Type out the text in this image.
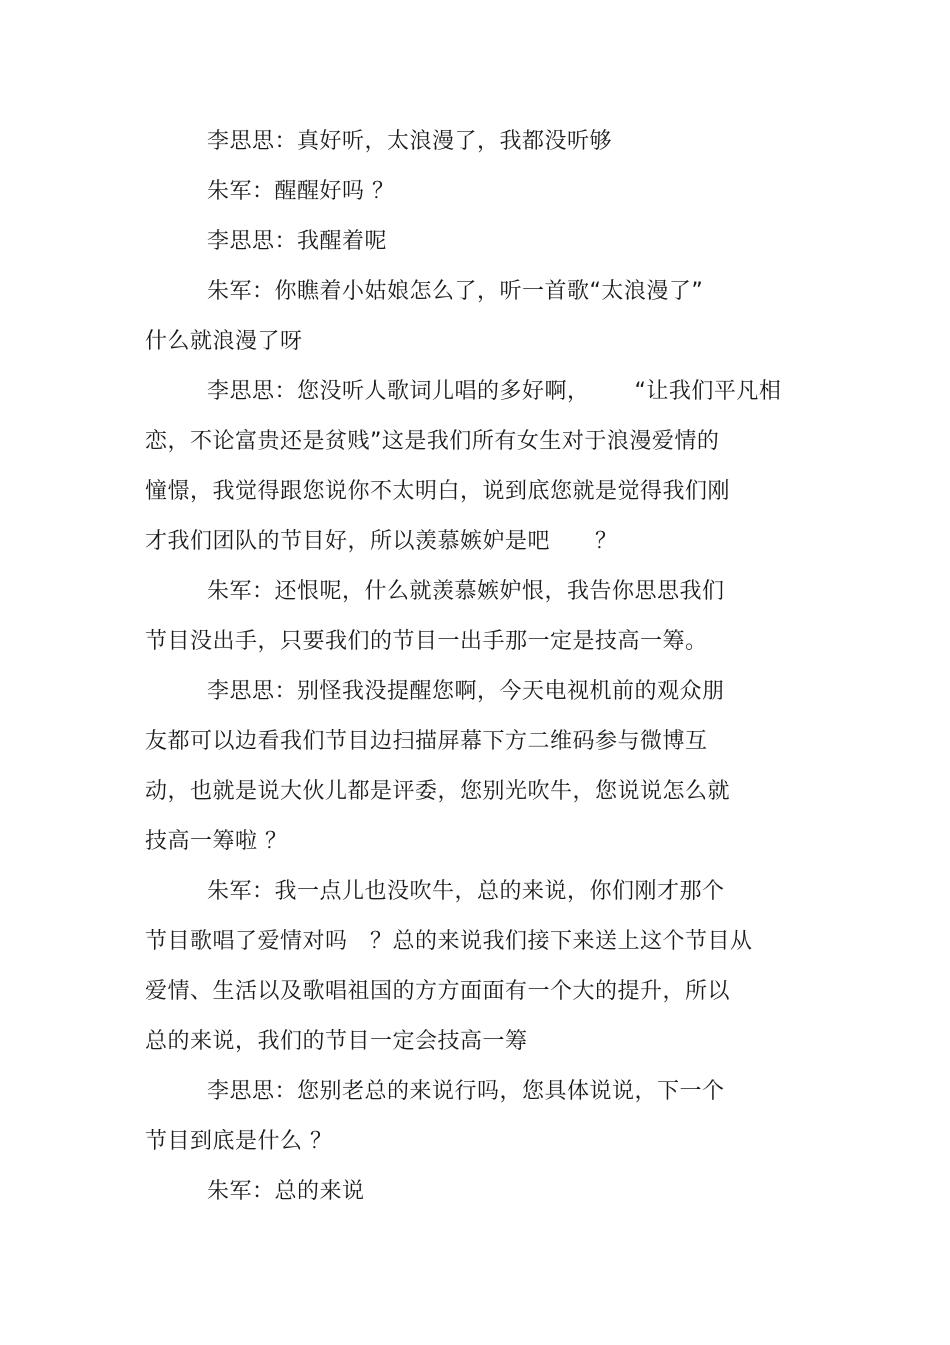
李思思：真好听，太浪漫了，我都没听够
朱军：醒醒好吗 ？
李思思：我醒着呢
朱军：你瞧着小姑娘怎么了，听一首歌“太浪漫了”
什么就浪漫了呀
李思思：您没听人歌词儿唱的多好啊，      “让我们平凡相
恋，不论富贵还是贫贱”这是我们所有女生对于浪漫爱情的
憧憬，我觉得跟您说你不太明白，说到底您就是觉得我们刚
才我们团队的节目好，所以羡慕嫉妒是吧      ？
朱军：还恨呢，什么就羡慕嫉妒恨，我告你思思我们
节目没出手，只要我们的节目一出手那一定是技高一筹。
李思思：别怪我没提醒您啊，今天电视机前的观众朋
友都可以边看我们节目边扫描屏幕下方二维码参与微博互
动，也就是说大伙儿都是评委，您别光吹牛，您说说怎么就
技高一筹啦 ？
朱军：我一点儿也没吹牛，总的来说，你们刚才那个
节目歌唱了爱情对吗   ？总的来说我们接下来送上这个节目从
爱情、生活以及歌唱祖国的方方面面有一个大的提升，所以
总的来说，我们的节目一定会技高一筹
李思思：您别老总的来说行吗，您具体说说，下一个
节目到底是什么 ？
朱军：总的来说
